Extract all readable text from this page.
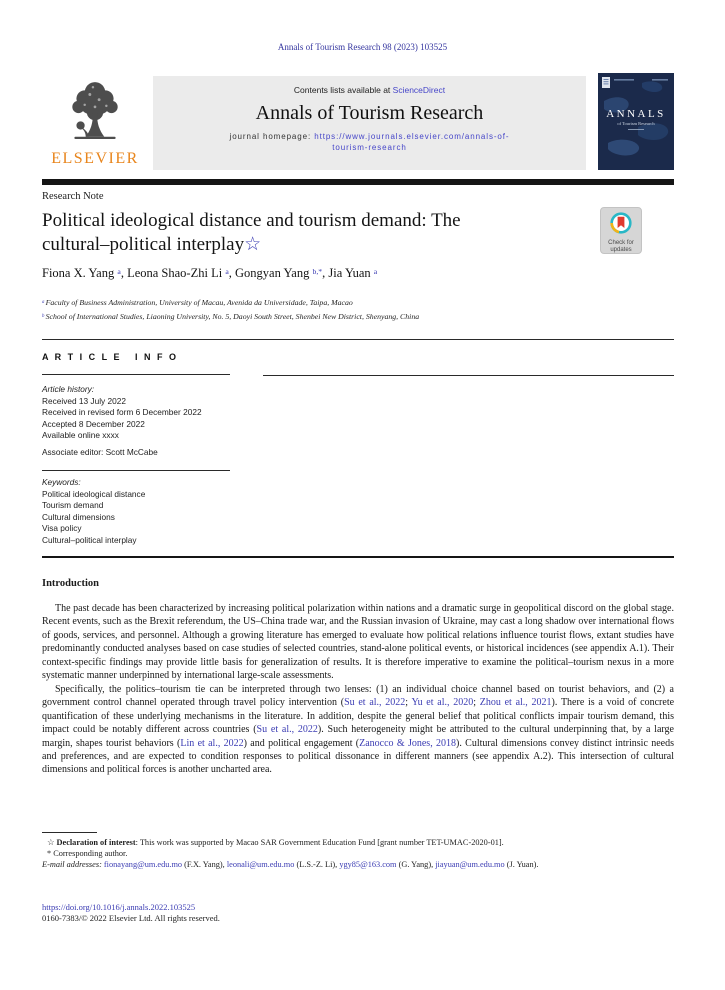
Annals of Tourism Research 98 (2023) 103525
ELSEVIER
Contents lists available at ScienceDirect
Annals of Tourism Research
journal homepage: https://www.journals.elsevier.com/annals-of-
tourism-research
ANNALS
of Tourism Research
Research Note
Political ideological distance and tourism demand: The
cultural–political interplay☆	Check for
updates
Fiona X. Yang $^a$, Leona Shao-Zhi Li $^a$, Gongyan Yang $^{b,*}$, Jia Yuan $^a$
$^a$ Faculty of Business Administration, University of Macau, Avenida da Universidade, Taipa, Macao
$^b$ School of International Studies, Liaoning University, No. 5, Daoyi South Street, Shenbei New District, Shenyang, China
A R T I C L E   I N F O
Article history:
Received 13 July 2022
Received in revised form 6 December 2022
Accepted 8 December 2022
Available online xxxx
Associate editor: Scott McCabe
Keywords:
Political ideological distance
Tourism demand
Cultural dimensions
Visa policy
Cultural–political interplay
Introduction

The past decade has been characterized by increasing political polarization within nations and a dramatic surge in geopolitical discord on the global stage. Recent events, such as the Brexit referendum, the US–China trade war, and the Russian invasion of Ukraine, may cast a long shadow over international flows of goods, services, and personnel. Although a growing literature has emerged to evaluate how political relations influence tourist flows, extant studies have predominantly conducted analyses based on case studies of selected countries, stand-alone political events, or historical incidences (see appendix A.1). Their context-specific findings may provide little basis for generalization of results. It is therefore imperative to examine the political–tourism nexus in a more systematic manner underpinned by international large-scale assessments.

Specifically, the politics–tourism tie can be interpreted through two lenses: (1) an individual choice channel based on tourist behaviors, and (2) a government control channel operated through travel policy intervention (Su et al., 2022; Yu et al., 2020; Zhou et al., 2021). There is a void of concrete quantification of these underlying mechanisms in the literature. In addition, despite the general belief that political conflicts impair tourism demand, this impact could be notably different across countries (Su et al., 2022). Such heterogeneity might be attributed to the cultural underpinning that, by a large margin, shapes tourist behaviors (Lin et al., 2022) and political engagement (Zanocco & Jones, 2018). Cultural dimensions convey distinct intrinsic needs and preferences, and are expected to condition responses to political dissonance in different manners (see appendix A.2). This intersection of cultural dimensions and political forces is another uncharted area.

☆ Declaration of interest: This work was supported by Macao SAR Government Education Fund [grant number TET-UMAC-2020-01].
* Corresponding author.
E-mail addresses: fionayang@um.edu.mo (F.X. Yang), leonali@um.edu.mo (L.S.-Z. Li), ygy85@163.com (G. Yang), jiayuan@um.edu.mo (J. Yuan).
https://doi.org/10.1016/j.annals.2022.103525
0160-7383/© 2022 Elsevier Ltd. All rights reserved.
